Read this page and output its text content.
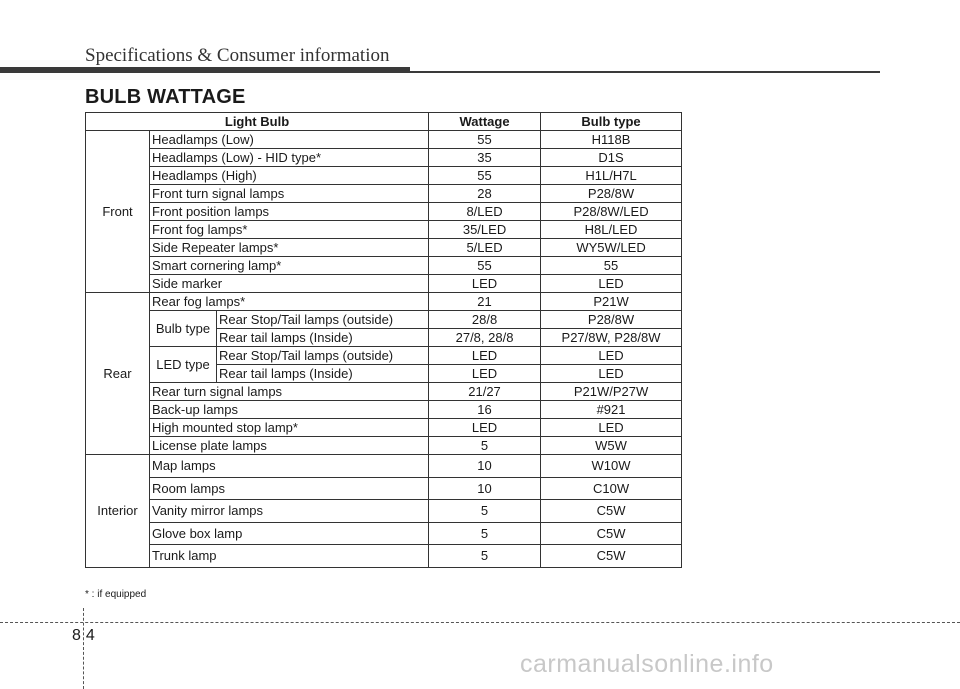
Specifications & Consumer information
BULB WATTAGE
Light Bulb			Wattage	Bulb type
Front	Headlamps (Low)		55	H118B
	Headlamps (Low) - HID type*		35	D1S
	Headlamps (High)		55	H1L/H7L
	Front turn signal lamps		28	P28/8W
	Front position lamps		8/LED	P28/8W/LED
	Front fog lamps*		35/LED	H8L/LED
	Side Repeater lamps*		5/LED	WY5W/LED
	Smart cornering lamp*		55	55
	Side marker		LED	LED
Rear	Rear fog lamps*		21	P21W
	Bulb type	Rear Stop/Tail lamps (outside)	28/8	P28/8W
		Rear tail lamps (Inside)	27/8, 28/8	P27/8W, P28/8W
	LED type	Rear Stop/Tail lamps (outside)	LED	LED
		Rear tail lamps (Inside)	LED	LED
	Rear turn signal lamps		21/27	P21W/P27W
	Back-up lamps		16	#921
	High mounted stop lamp*		LED	LED
	License plate lamps		5	W5W
Interior	Map lamps		10	W10W
	Room lamps		10	C10W
	Vanity mirror lamps		5	C5W
	Glove box lamp		5	C5W
	Trunk lamp		5	C5W
* : if equipped
84
carmanualsonline.info
